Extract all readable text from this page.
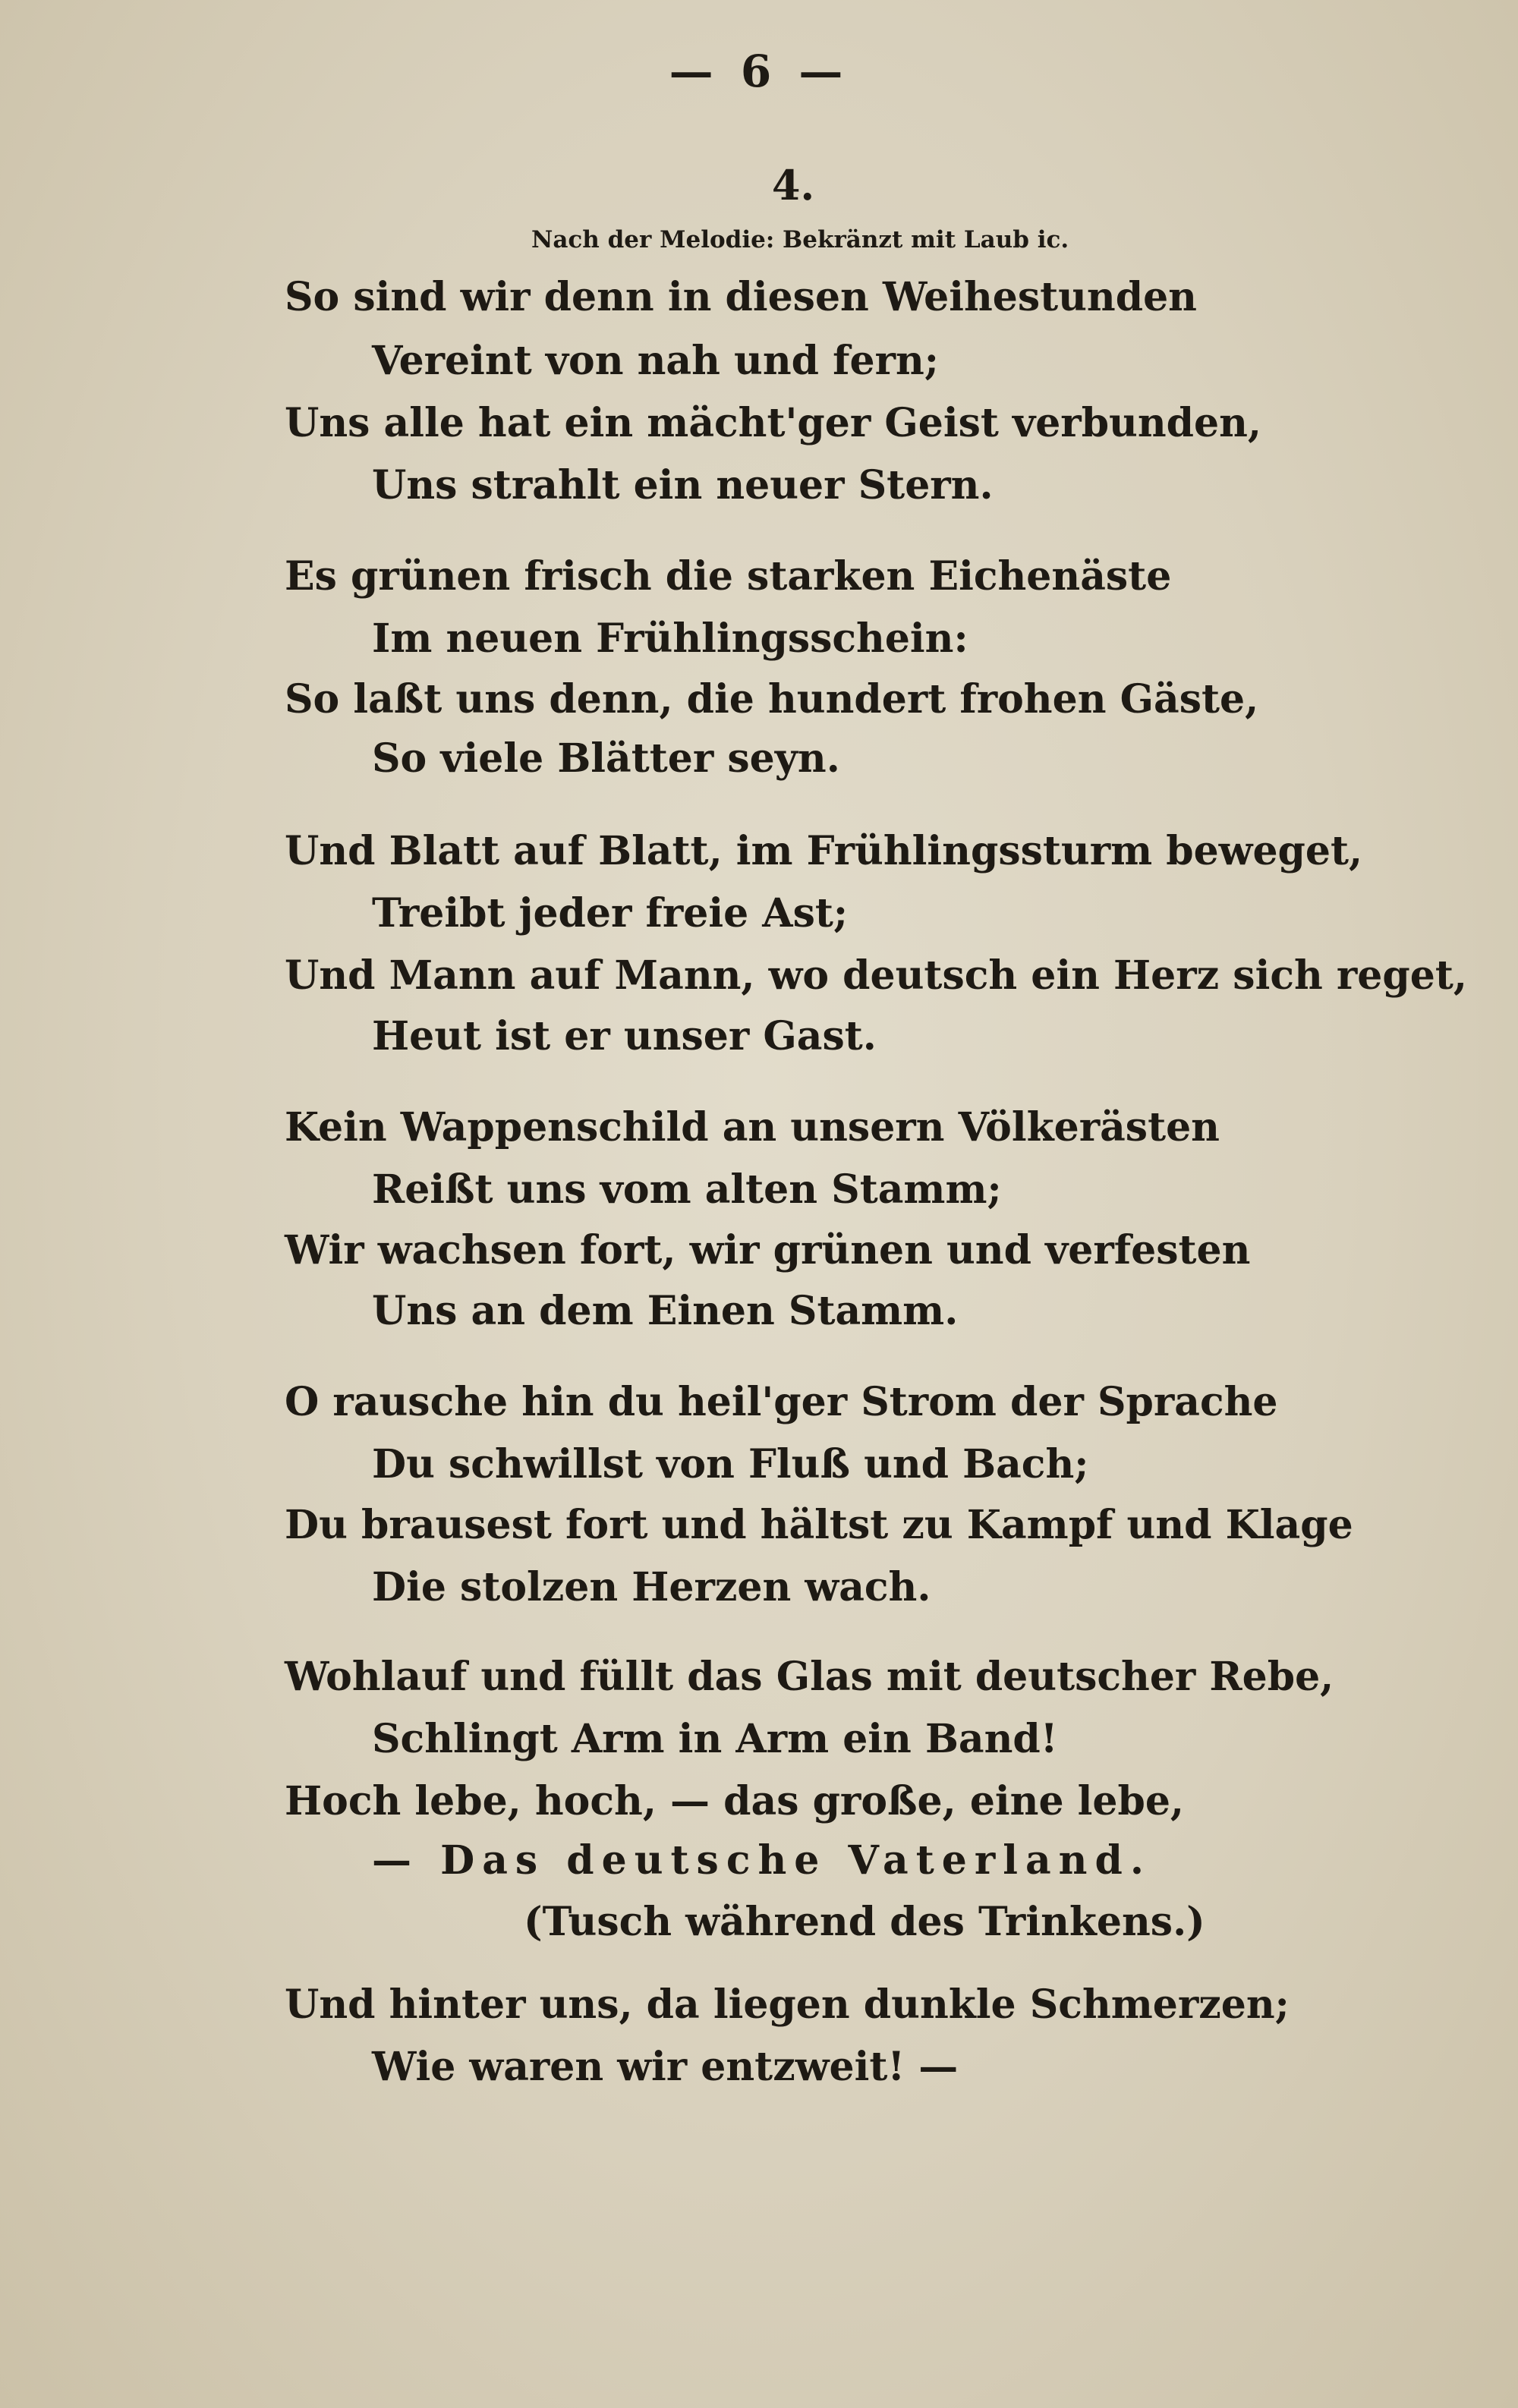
— 6 —
4.
Nach der Melodie: Bekränzt mit Laub ic.
So sind wir denn in diesen Weihestunden
Vereint von nah und fern;
Uns alle hat ein mächt'ger Geist verbunden,
Uns strahlt ein neuer Stern.
Es grünen frisch die starken Eichenäste
Im neuen Frühlingsschein:
So laßt uns denn, die hundert frohen Gäste,
So viele Blätter seyn.
Und Blatt auf Blatt, im Frühlingssturm beweget,
Treibt jeder freie Ast;
Und Mann auf Mann, wo deutsch ein Herz sich reget,
Heut ist er unser Gast.
Kein Wappenschild an unsern Völkerästen
Reißt uns vom alten Stamm;
Wir wachsen fort, wir grünen und verfesten
Uns an dem Einen Stamm.
O rausche hin du heil'ger Strom der Sprache
Du schwillst von Fluß und Bach;
Du brausest fort und hältst zu Kampf und Klage
Die stolzen Herzen wach.
Wohlauf und füllt das Glas mit deutscher Rebe,
Schlingt Arm in Arm ein Band!
Hoch lebe, hoch, — das große, eine lebe,
— Das deutsche Vaterland.
(Tusch während des Trinkens.)
Und hinter uns, da liegen dunkle Schmerzen;
Wie waren wir entzweit! —
